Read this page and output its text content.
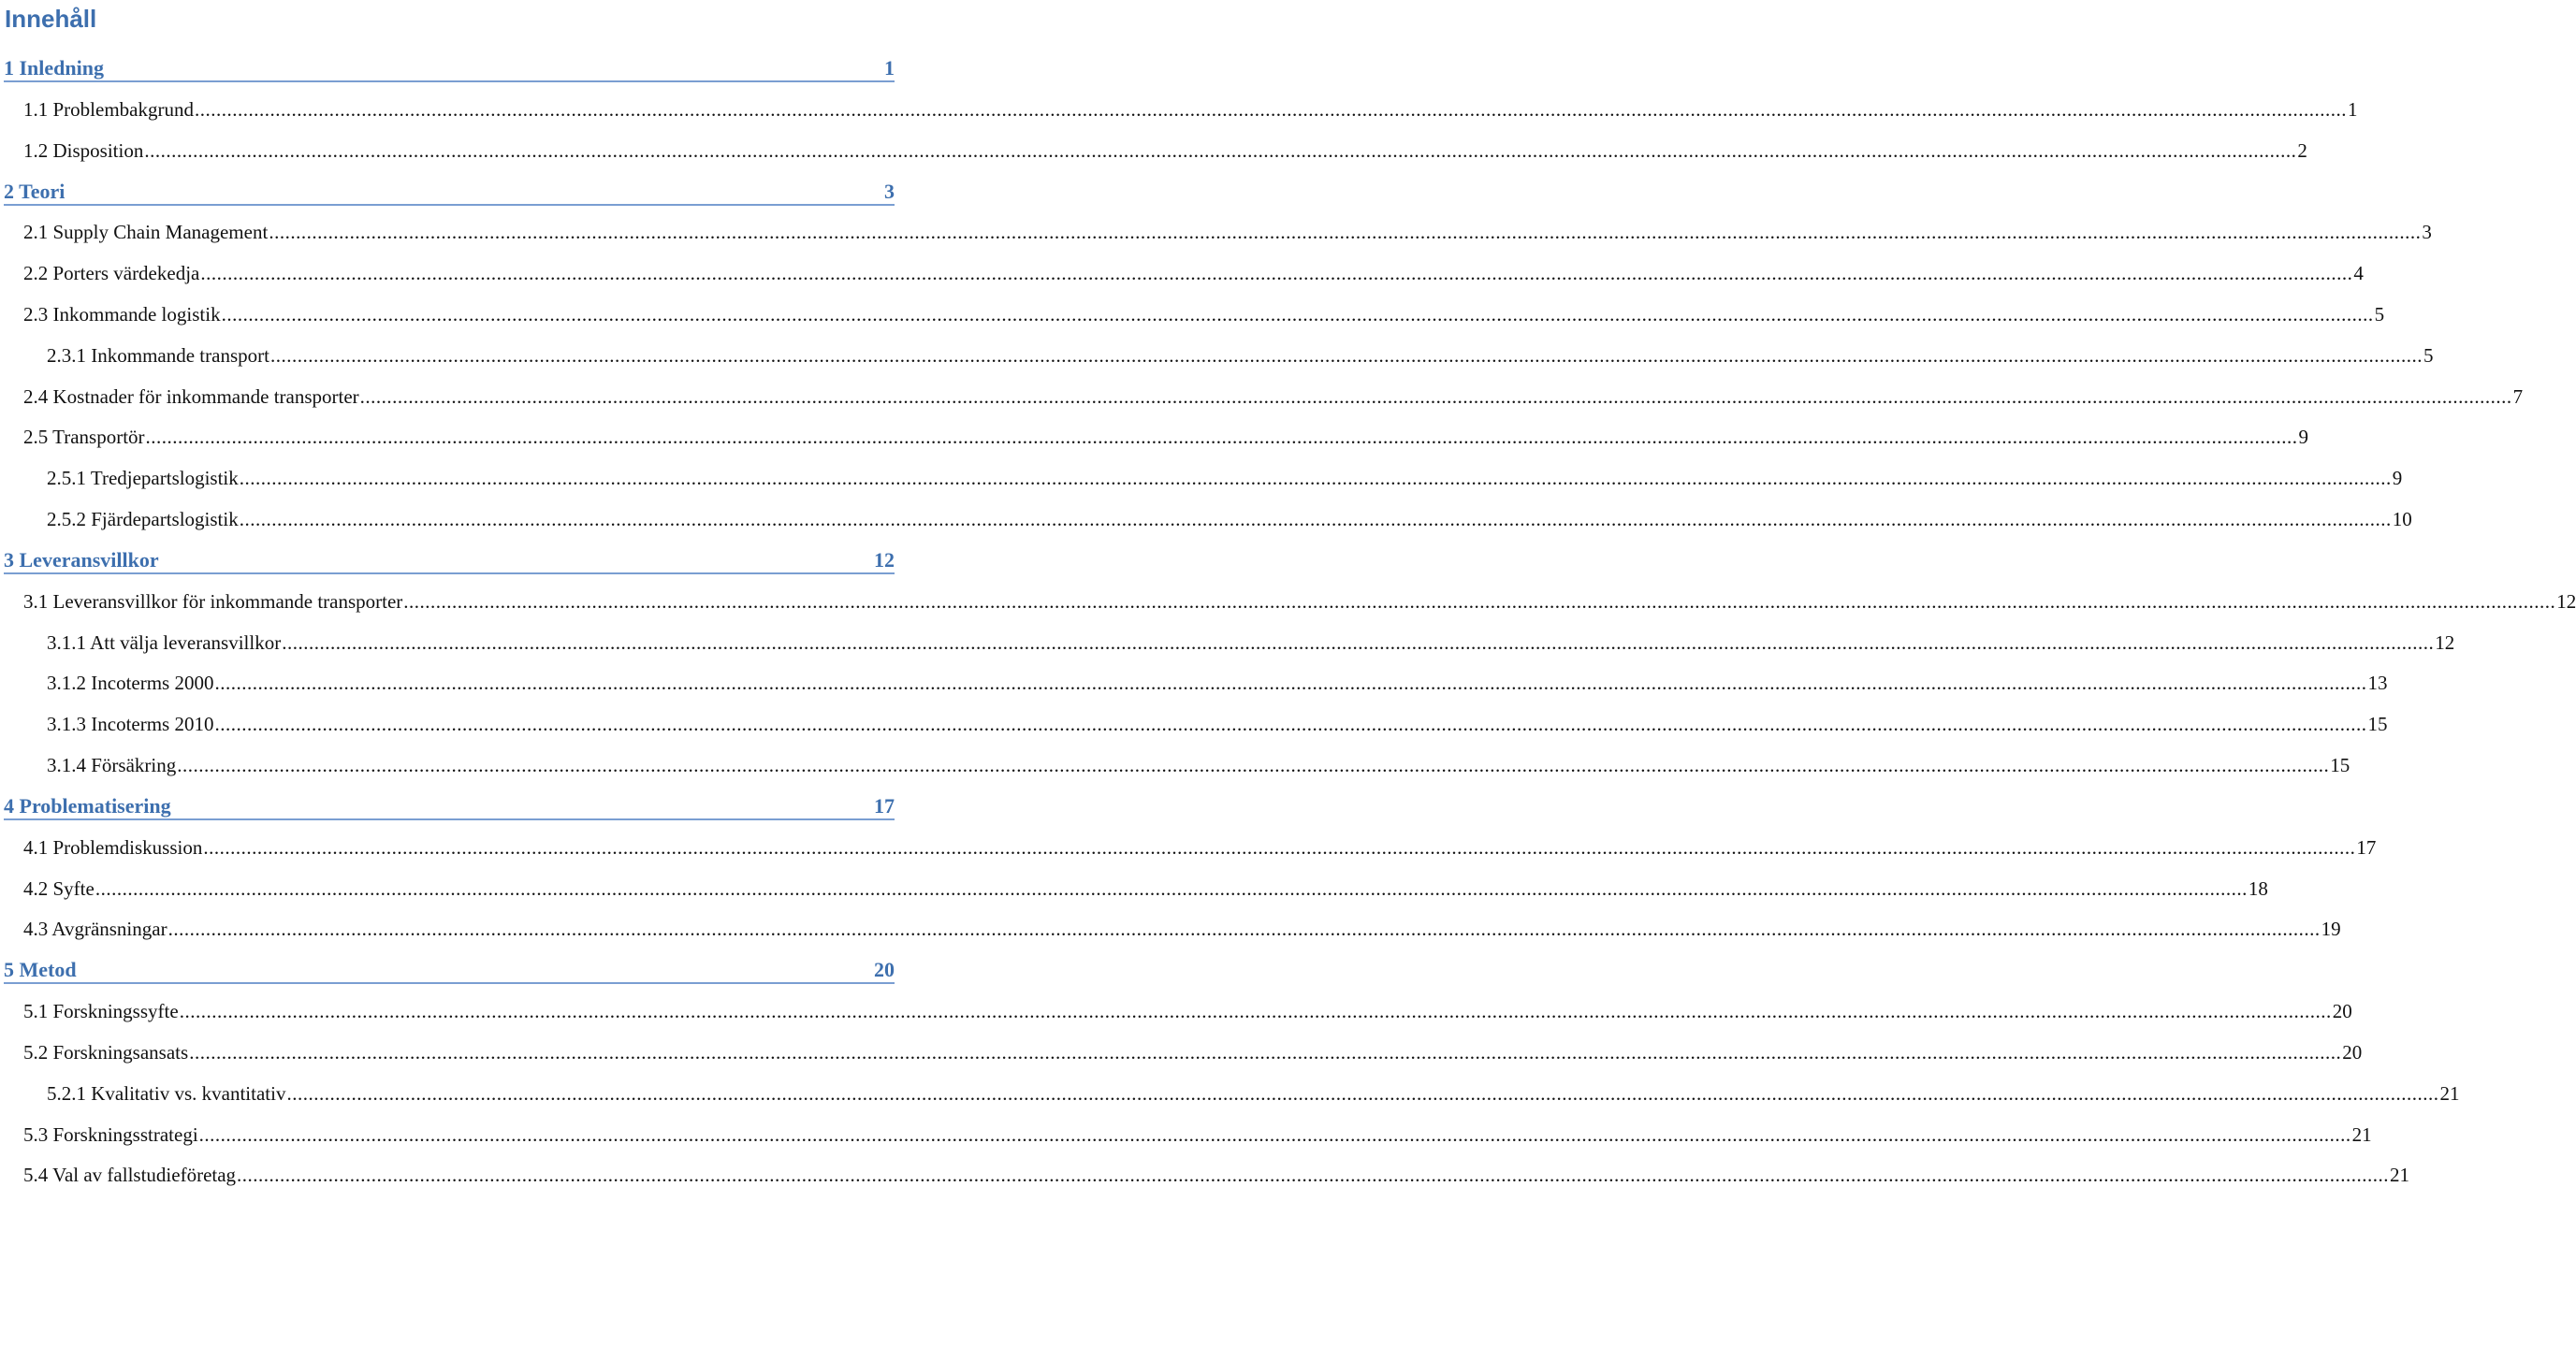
Innehåll
1 Inledning	1
1.1 Problembakgrund ................................................................................................................................................................................................................................................................................................................................................................................................................ 1
1.2 Disposition ................................................................................................................................................................................................................................................................................................................................................................................................................ 2
2 Teori	3
2.1 Supply Chain Management ................................................................................................................................................................................................................................................................................................................................................................................................................ 3
2.2 Porters värdekedja ................................................................................................................................................................................................................................................................................................................................................................................................................ 4
2.3 Inkommande logistik ................................................................................................................................................................................................................................................................................................................................................................................................................ 5
2.3.1 Inkommande transport ................................................................................................................................................................................................................................................................................................................................................................................................................ 5
2.4 Kostnader för inkommande transporter ................................................................................................................................................................................................................................................................................................................................................................................................................ 7
2.5 Transportör ................................................................................................................................................................................................................................................................................................................................................................................................................ 9
2.5.1 Tredjepartslogistik ................................................................................................................................................................................................................................................................................................................................................................................................................ 9
2.5.2 Fjärdepartslogistik ................................................................................................................................................................................................................................................................................................................................................................................................................ 10
3 Leveransvillkor	12
3.1 Leveransvillkor för inkommande transporter ................................................................................................................................................................................................................................................................................................................................................................................................................ 12
3.1.1 Att välja leveransvillkor ................................................................................................................................................................................................................................................................................................................................................................................................................ 12
3.1.2 Incoterms 2000 ................................................................................................................................................................................................................................................................................................................................................................................................................ 13
3.1.3 Incoterms 2010 ................................................................................................................................................................................................................................................................................................................................................................................................................ 15
3.1.4 Försäkring ................................................................................................................................................................................................................................................................................................................................................................................................................ 15
4 Problematisering	17
4.1 Problemdiskussion ................................................................................................................................................................................................................................................................................................................................................................................................................ 17
4.2 Syfte ................................................................................................................................................................................................................................................................................................................................................................................................................ 18
4.3 Avgränsningar ................................................................................................................................................................................................................................................................................................................................................................................................................ 19
5 Metod	20
5.1 Forskningssyfte ................................................................................................................................................................................................................................................................................................................................................................................................................ 20
5.2 Forskningsansats ................................................................................................................................................................................................................................................................................................................................................................................................................ 20
5.2.1 Kvalitativ vs. kvantitativ ................................................................................................................................................................................................................................................................................................................................................................................................................ 21
5.3 Forskningsstrategi ................................................................................................................................................................................................................................................................................................................................................................................................................ 21
5.4 Val av fallstudieföretag ................................................................................................................................................................................................................................................................................................................................................................................................................ 21
